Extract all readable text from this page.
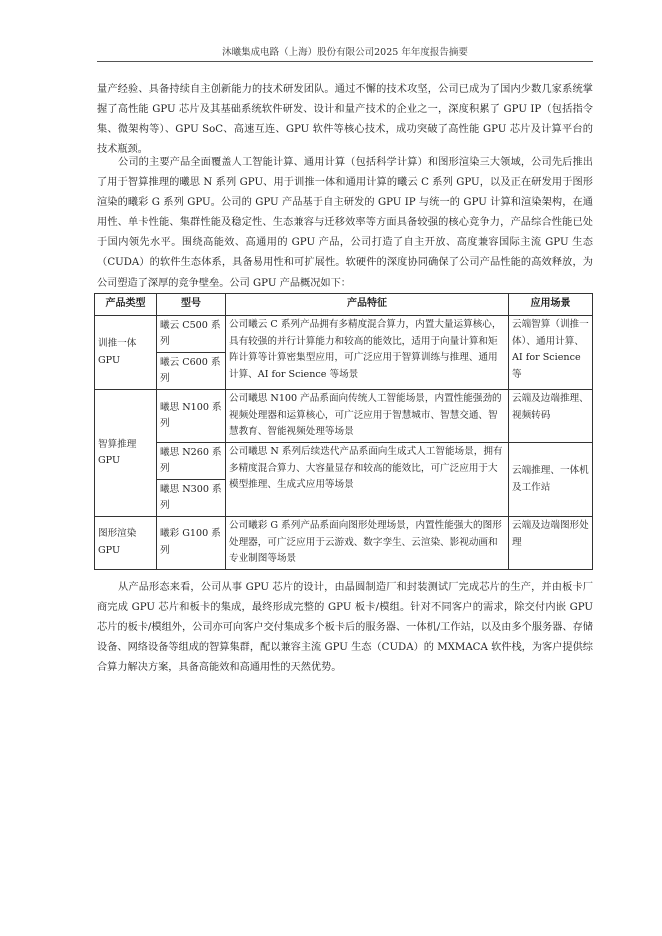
沐曦集成电路（上海）股份有限公司2025 年年度报告摘要
量产经验、具备持续自主创新能力的技术研发团队。通过不懈的技术攻坚，公司已成为了国内少数几家系统掌握了高性能 GPU 芯片及其基础系统软件研发、设计和量产技术的企业之一，深度积累了 GPU IP（包括指令集、微架构等）、GPU SoC、高速互连、GPU 软件等核心技术，成功突破了高性能 GPU 芯片及计算平台的技术瓶颈。
公司的主要产品全面覆盖人工智能计算、通用计算（包括科学计算）和图形渲染三大领域，公司先后推出了用于智算推理的曦思 N 系列 GPU、用于训推一体和通用计算的曦云 C 系列 GPU，以及正在研发用于图形渲染的曦彩 G 系列 GPU。公司的 GPU 产品基于自主研发的 GPU IP 与统一的 GPU 计算和渲染架构，在通用性、单卡性能、集群性能及稳定性、生态兼容与迁移效率等方面具备较强的核心竞争力，产品综合性能已处于国内领先水平。围绕高能效、高通用的 GPU 产品，公司打造了自主开放、高度兼容国际主流 GPU 生态（CUDA）的软件生态体系，具备易用性和可扩展性。软硬件的深度协同确保了公司产品性能的高效释放，为公司塑造了深厚的竞争壁垒。公司 GPU 产品概况如下：
产品类型	型号	产品特征	应用场景
训推一体 GPU	曦云 C500 系列	公司曦云 C 系列产品拥有多精度混合算力，内置大量运算核心，具有较强的并行计算能力和较高的能效比，适用于向量计算和矩阵计算等计算密集型应用，可广泛应用于智算训练与推理、通用计算、AI for Science 等场景	云端智算（训推一体）、通用计算、AI for Science 等
	曦云 C600 系列		
智算推理 GPU	曦思 N100 系列	公司曦思 N100 产品系面向传统人工智能场景，内置性能强劲的视频处理器和运算核心，可广泛应用于智慧城市、智慧交通、智慧教育、智能视频处理等场景	云端及边端推理、视频转码
	曦思 N260 系列	公司曦思 N 系列后续迭代产品系面向生成式人工智能场景，拥有多精度混合算力、大容量显存和较高的能效比，可广泛应用于大模型推理、生成式应用等场景	云端推理、一体机及工作站
	曦思 N300 系列		
图形渲染 GPU	曦彩 G100 系列	公司曦彩 G 系列产品系面向图形处理场景，内置性能强大的图形处理器，可广泛应用于云游戏、数字孪生、云渲染、影视动画和专业制图等场景	云端及边端图形处理
从产品形态来看，公司从事 GPU 芯片的设计，由晶圆制造厂和封装测试厂完成芯片的生产，并由板卡厂商完成 GPU 芯片和板卡的集成，最终形成完整的 GPU 板卡/模组。针对不同客户的需求，除交付内嵌 GPU 芯片的板卡/模组外，公司亦可向客户交付集成多个板卡后的服务器、一体机/工作站，以及由多个服务器、存储设备、网络设备等组成的智算集群，配以兼容主流 GPU 生态（CUDA）的 MXMACA 软件栈，为客户提供综合算力解决方案，具备高能效和高通用性的天然优势。
